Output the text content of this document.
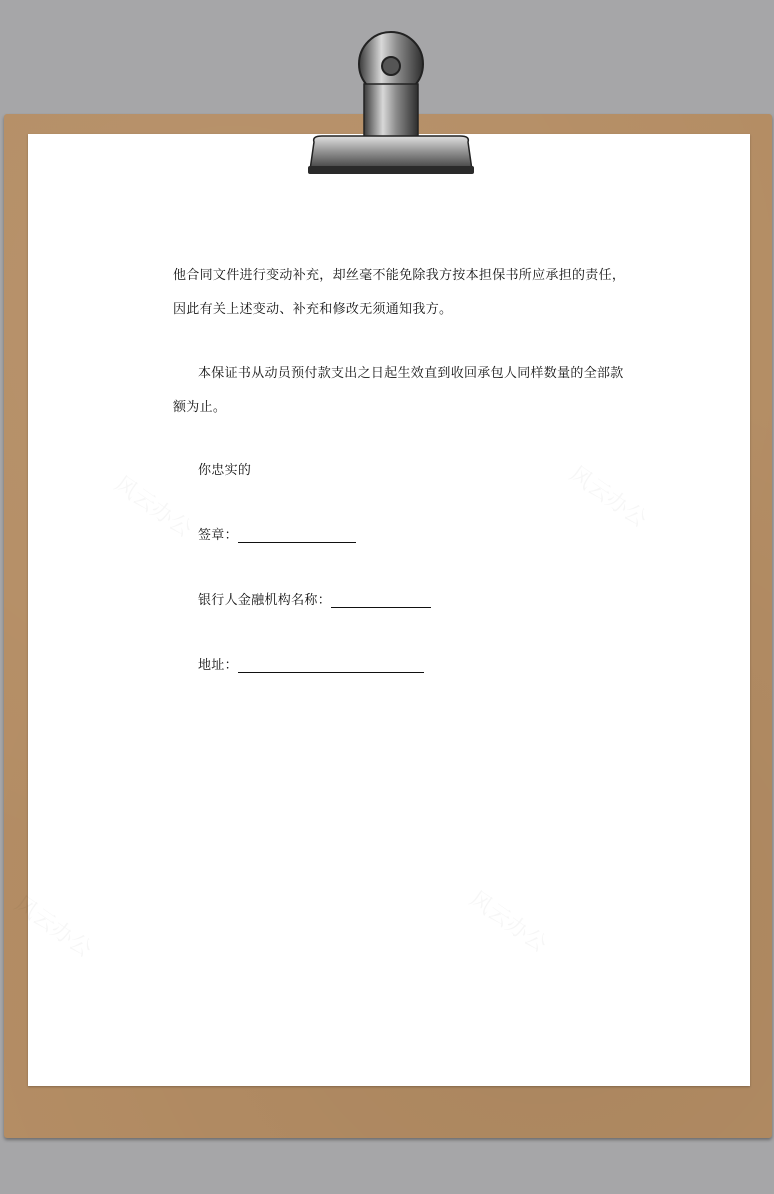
他合同文件进行变动补充，却丝毫不能免除我方按本担保书所应承担的责任，
因此有关上述变动、补充和修改无须通知我方。
本保证书从动员预付款支出之日起生效直到收回承包人同样数量的全部款
额为止。
你忠实的
签章：
银行人金融机构名称：
地址：
